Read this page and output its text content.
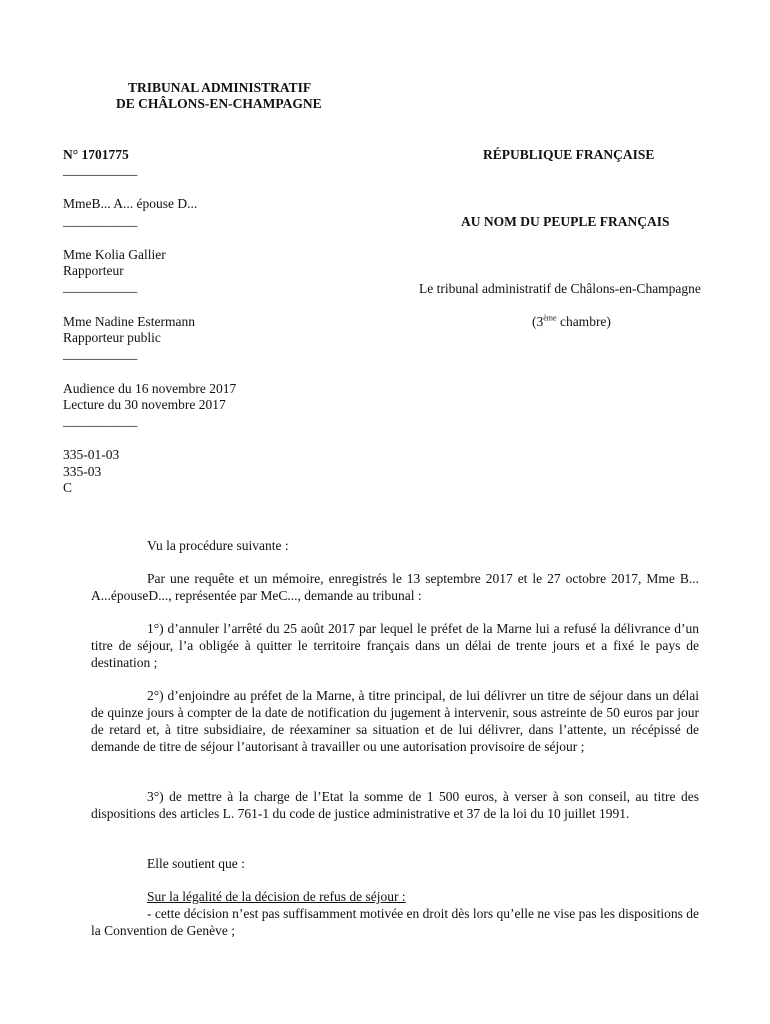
TRIBUNAL ADMINISTRATIF
DE CHÂLONS-EN-CHAMPAGNE
N° 1701775
___________
MmeB... A... épouse D...
___________
Mme Kolia Gallier
Rapporteur
___________
Mme Nadine Estermann
Rapporteur public
___________
Audience du 16 novembre 2017
Lecture du 30 novembre 2017
___________
335-01-03
335-03
C
RÉPUBLIQUE FRANÇAISE
AU NOM DU PEUPLE FRANÇAIS
Le tribunal administratif de Châlons-en-Champagne
(3ème chambre)
Vu la procédure suivante :
Par une requête et un mémoire, enregistrés le 13 septembre 2017 et le 27 octobre 2017, Mme B... A...épouseD..., représentée par MeC..., demande au tribunal :
1°) d’annuler l’arrêté du 25 août 2017 par lequel le préfet de la Marne lui a refusé la délivrance d’un titre de séjour, l’a obligée à quitter le territoire français dans un délai de trente jours et a fixé le pays de destination ;
2°) d’enjoindre au préfet de la Marne, à titre principal, de lui délivrer un titre de séjour dans un délai de quinze jours à compter de la date de notification du jugement à intervenir, sous astreinte de 50 euros par jour de retard et, à titre subsidiaire, de réexaminer sa situation et de lui délivrer, dans l’attente, un récépissé de demande de titre de séjour l’autorisant à travailler ou une autorisation provisoire de séjour ;
3°) de mettre à la charge de l’Etat la somme de 1 500 euros, à verser à son conseil, au titre des dispositions des articles L. 761-1 du code de justice administrative et 37 de la loi du 10 juillet 1991.
Elle soutient que :
Sur la légalité de la décision de refus de séjour :
- cette décision n’est pas suffisamment motivée en droit dès lors qu’elle ne vise pas les dispositions de la Convention de Genève ;
